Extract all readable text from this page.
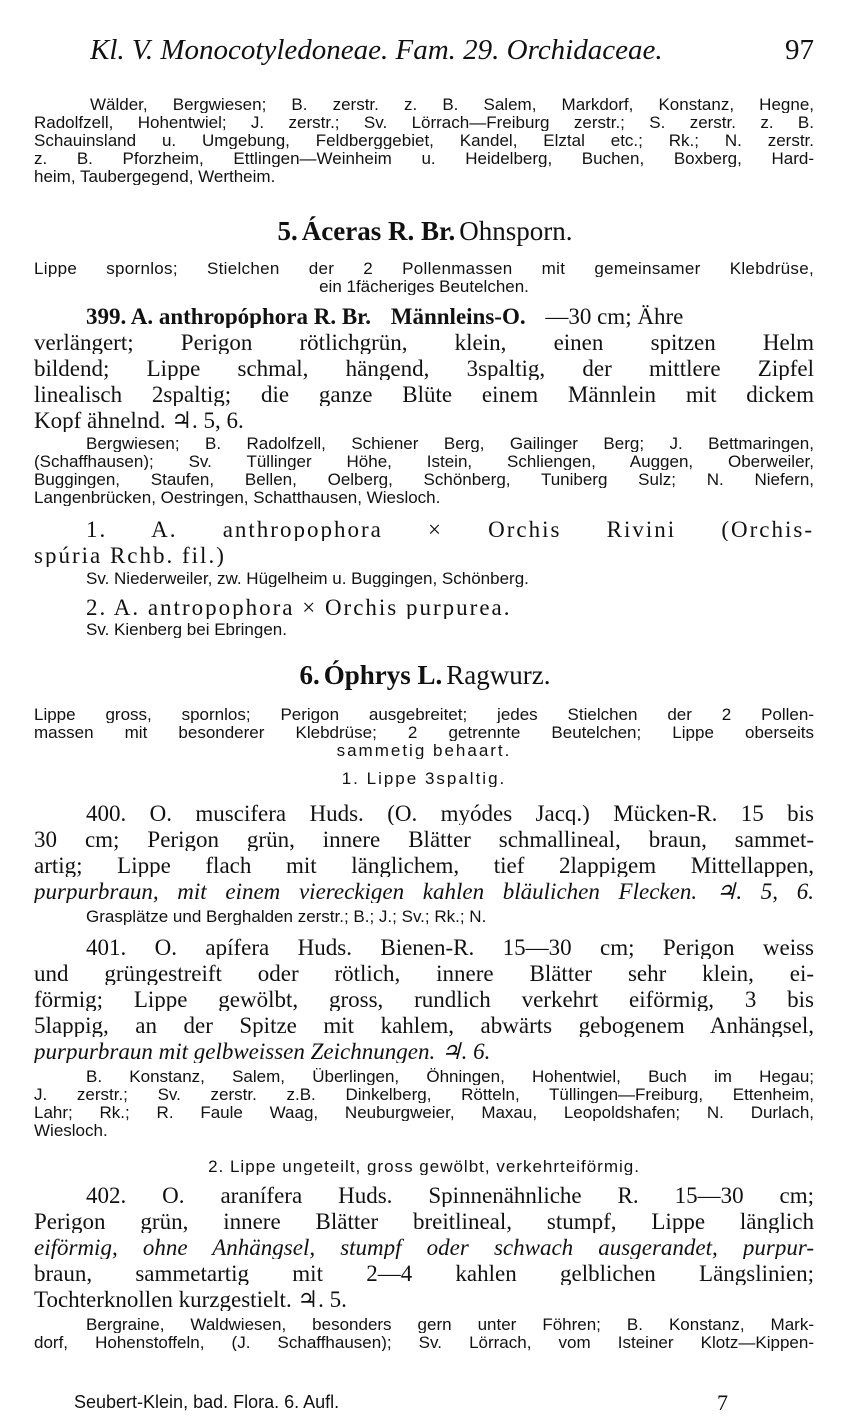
Kl. V. Monocotyledoneae. Fam. 29. Orchidaceae.	97
Wälder, Bergwiesen; B. zerstr. z. B. Salem, Markdorf, Konstanz, Hegne,
Radolfzell, Hohentwiel; J. zerstr.; Sv. Lörrach—Freiburg zerstr.; S. zerstr. z. B.
Schauinsland u. Umgebung, Feldberggebiet, Kandel, Elztal etc.; Rk.; N. zerstr.
z. B. Pforzheim, Ettlingen—Weinheim u. Heidelberg, Buchen, Boxberg, Hard-
heim, Taubergegend, Wertheim.
5. Áceras R. Br. Ohnsporn.
Lippe spornlos; Stielchen der 2 Pollenmassen mit gemeinsamer Klebdrüse,
ein 1fächeriges Beutelchen.
399. A. anthropóphora R. Br. Männleins-O. —30 cm; Ähre
verlängert; Perigon rötlichgrün, klein, einen spitzen Helm
bildend; Lippe schmal, hängend, 3spaltig, der mittlere Zipfel
linealisch 2spaltig; die ganze Blüte einem Männlein mit dickem
Kopf ähnelnd. ♃. 5, 6.
Bergwiesen; B. Radolfzell, Schiener Berg, Gailinger Berg; J. Bettmaringen,
(Schaffhausen); Sv. Tüllinger Höhe, Istein, Schliengen, Auggen, Oberweiler,
Buggingen, Staufen, Bellen, Oelberg, Schönberg, Tuniberg Sulz; N. Niefern,
Langenbrücken, Oestringen, Schatthausen, Wiesloch.
1. A. anthropophora × Orchis Rivini (Orchis-
spúria Rchb. fil.)
Sv. Niederweiler, zw. Hügelheim u. Buggingen, Schönberg.
2. A. antropophora × Orchis purpurea.
Sv. Kienberg bei Ebringen.
6. Óphrys L. Ragwurz.
Lippe gross, spornlos; Perigon ausgebreitet; jedes Stielchen der 2 Pollen-
massen mit besonderer Klebdrüse; 2 getrennte Beutelchen; Lippe oberseits
sammetig behaart.
1. Lippe 3spaltig.
400. O. muscifera Huds. (O. myódes Jacq.) Mücken-R. 15 bis
30 cm; Perigon grün, innere Blätter schmallineal, braun, sammet-
artig; Lippe flach mit länglichem, tief 2lappigem Mittellappen,
purpurbraun, mit einem viereckigen kahlen bläulichen Flecken. ♃. 5, 6.
Grasplätze und Berghalden zerstr.; B.; J.; Sv.; Rk.; N.
401. O. apífera Huds. Bienen-R. 15—30 cm; Perigon weiss
und grüngestreift oder rötlich, innere Blätter sehr klein, ei-
förmig; Lippe gewölbt, gross, rundlich verkehrt eiförmig, 3 bis
5lappig, an der Spitze mit kahlem, abwärts gebogenem Anhängsel,
purpurbraun mit gelbweissen Zeichnungen. ♃. 6.
B. Konstanz, Salem, Überlingen, Öhningen, Hohentwiel, Buch im Hegau;
J. zerstr.; Sv. zerstr. z.B. Dinkelberg, Rötteln, Tüllingen—Freiburg, Ettenheim,
Lahr; Rk.; R. Faule Waag, Neuburgweier, Maxau, Leopoldshafen; N. Durlach,
Wiesloch.
2. Lippe ungeteilt, gross gewölbt, verkehrteiförmig.
402. O. aranífera Huds. Spinnenähnliche R. 15—30 cm;
Perigon grün, innere Blätter breitlineal, stumpf, Lippe länglich
eiförmig, ohne Anhängsel, stumpf oder schwach ausgerandet, purpur-
braun, sammetartig mit 2—4 kahlen gelblichen Längslinien;
Tochterknollen kurzgestielt. ♃. 5.
Bergraine, Waldwiesen, besonders gern unter Föhren; B. Konstanz, Mark-
dorf, Hohenstoffeln, (J. Schaffhausen); Sv. Lörrach, vom Isteiner Klotz—Kippen-
Seubert-Klein, bad. Flora. 6. Aufl.	7
